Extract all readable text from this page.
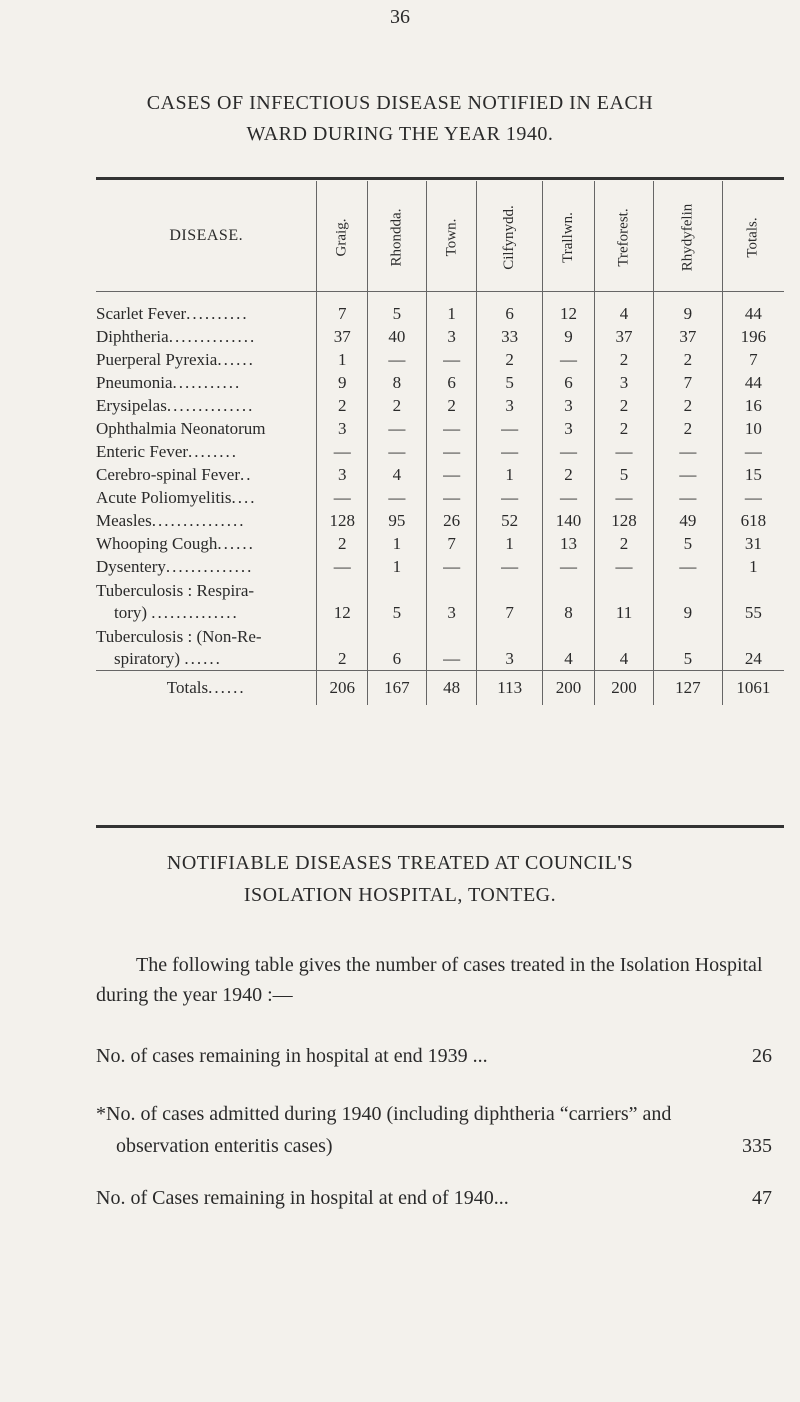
36
CASES OF INFECTIOUS DISEASE NOTIFIED IN EACH
WARD DURING THE YEAR 1940.
DISEASE.	Graig.	Rhondda.	Town.	Cilfynydd.	Trallwn.	Treforest.	Rhydyfelin	Totals.

Scarlet Fever..........	7	5	1	6	12	4	9	44
Diphtheria..............	37	40	3	33	9	37	37	196
Puerperal Pyrexia......	1	—	—	2	—	2	2	7
Pneumonia...........	9	8	6	5	6	3	7	44
Erysipelas..............	2	2	2	3	3	2	2	16
Ophthalmia Neonatorum	3	—	—	—	3	2	2	10
Enteric Fever........	—	—	—	—	—	—	—	—
Cerebro-spinal Fever..	3	4	—	1	2	5	—	15
Acute Poliomyelitis....	—	—	—	—	—	—	—	—
Measles...............	128	95	26	52	140	128	49	618
Whooping Cough......	2	1	7	1	13	2	5	31
Dysentery..............	—	1	—	—	—	—	—	1

Tuberculosis : Respira-
tory) ..............	12	5	3	7	8	11	9	55

Tuberculosis : (Non-Re-
spiratory) ......	2	6	—	3	4	4	5	24
Totals......	206	167	48	113	200	200	127	1061
NOTIFIABLE DISEASES TREATED AT COUNCIL'S
ISOLATION HOSPITAL, TONTEG.
The following table gives the number of cases treated in the Isolation Hospital during the year 1940 :—
No. of cases remaining in hospital at end 1939 ...	26
*No. of cases admitted during 1940 (including diphtheria “carriers” and observation enteritis cases)	335
No. of Cases remaining in hospital at end of 1940...	47
